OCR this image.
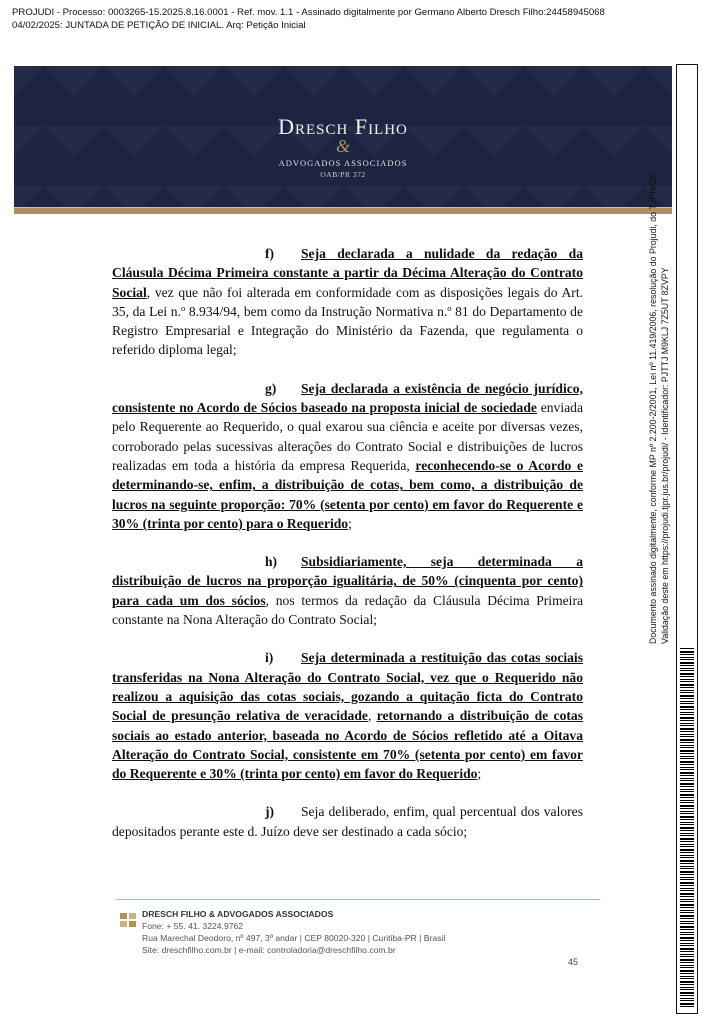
PROJUDI - Processo: 0003265-15.2025.8.16.0001 - Ref. mov. 1.1 - Assinado digitalmente por Germano Alberto Dresch Filho:24458945068
04/02/2025: JUNTADA DE PETIÇÃO DE INICIAL. Arq: Petição Inicial
Dresch Filho
&
ADVOGADOS ASSOCIADOS
OAB/PR 372

f) Seja declarada a nulidade da redação da Cláusula Décima Primeira constante a partir da Décima Alteração do Contrato Social, vez que não foi alterada em conformidade com as disposições legais do Art. 35, da Lei n.º 8.934/94, bem como da Instrução Normativa n.º 81 do Departamento de Registro Empresarial e Integração do Ministério da Fazenda, que regulamenta o referido diploma legal;

g) Seja declarada a existência de negócio jurídico, consistente no Acordo de Sócios baseado na proposta inicial de sociedade enviada pelo Requerente ao Requerido, o qual exarou sua ciência e aceite por diversas vezes, corroborado pelas sucessivas alterações do Contrato Social e distribuições de lucros realizadas em toda a história da empresa Requerida, reconhecendo-se o Acordo e determinando-se, enfim, a distribuição de cotas, bem como, a distribuição de lucros na seguinte proporção: 70% (setenta por cento) em favor do Requerente e 30% (trinta por cento) para o Requerido;

h) Subsidiariamente, seja determinada a distribuição de lucros na proporção igualitária, de 50% (cinquenta por cento) para cada um dos sócios, nos termos da redação da Cláusula Décima Primeira constante na Nona Alteração do Contrato Social;

i) Seja determinada a restituição das cotas sociais transferidas na Nona Alteração do Contrato Social, vez que o Requerido não realizou a aquisição das cotas sociais, gozando a quitação ficta do Contrato Social de presunção relativa de veracidade, retornando a distribuição de cotas sociais ao estado anterior, baseada no Acordo de Sócios refletido até a Oitava Alteração do Contrato Social, consistente em 70% (setenta por cento) em favor do Requerente e 30% (trinta por cento) em favor do Requerido;

j) Seja deliberado, enfim, qual percentual dos valores depositados perante este d. Juízo deve ser destinado a cada sócio;

Documento assinado digitalmente, conforme MP nº 2.200-2/2001, Lei nº 11.419/2006, resolução do Projudi, do TJPR/OE Validação deste em https://projudi.tjpr.jus.br/projudi/ - Identificador: PJTTJ M9KLJ 7Z5UT 8ZVPY
DRESCH FILHO & ADVOGADOS ASSOCIADOS
Fone: + 55. 41. 3224.9762
Rua Marechal Deodoro, nº 497, 3º andar | CEP 80020-320 | Curitiba-PR | Brasil
Site: dreschfilho.com.br | e-mail: controladoria@dreschfilho.com.br
45
